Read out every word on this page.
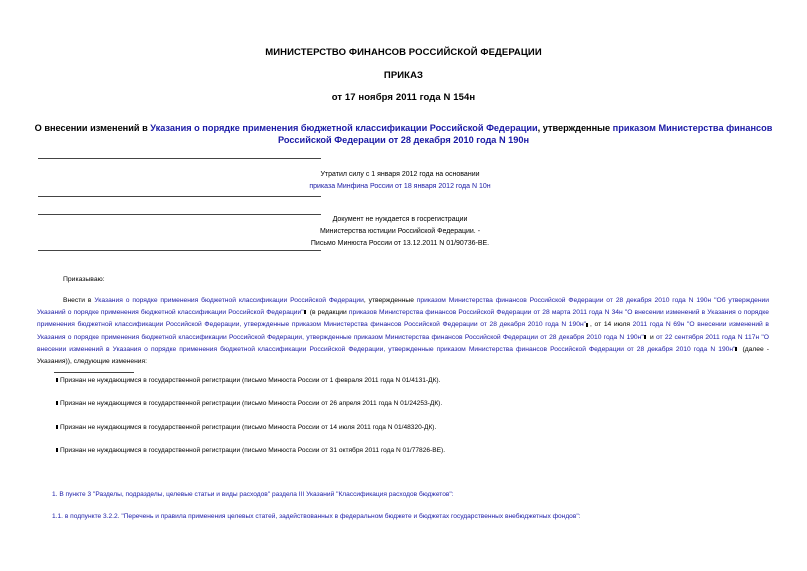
МИНИСТЕРСТВО ФИНАНСОВ РОССИЙСКОЙ ФЕДЕРАЦИИ
ПРИКАЗ
от 17 ноября 2011 года N 154н
О внесении изменений в Указания о порядке применения бюджетной классификации Российской Федерации, утвержденные приказом Министерства финансов
Российской Федерации от 28 декабря 2010 года N 190н
Утратил силу с 1 января 2012 года на основании
приказа Минфина России от 18 января 2012 года N 10н
Документ не нуждается в госрегистрации
Министерства юстиции Российской Федерации. -
Письмо Минюста России от 13.12.2011 N 01/90736-ВЕ.
Приказываю:
Внести в Указания о порядке применения бюджетной классификации Российской Федерации, утвержденные приказом Министерства финансов Российской Федерации от 28 декабря 2010 года N 190н "Об утверждении Указаний о порядке применения бюджетной классификации Российской Федерации" (в редакции приказов Министерства финансов Российской Федерации от 28 марта 2011 года N 34н "О внесении изменений в Указания о порядке применения бюджетной классификации Российской Федерации, утвержденные приказом Министерства финансов Российской Федерации от 28 декабря 2010 года N 190н" , от 14 июля 2011 года N 69н "О внесении изменений в Указания о порядке применения бюджетной классификации Российской Федерации, утвержденные приказом Министерства финансов Российской Федерации от 28 декабря 2010 года N 190н" и от 22 сентября 2011 года N 117н "О внесении изменений в Указания о порядке применения бюджетной классификации Российской Федерации, утвержденные приказом Министерства финансов Российской Федерации от 28 декабря 2010 года N 190н" (далее - Указания)), следующие изменения:
Признан не нуждающимся в государственной регистрации (письмо Минюста России от 1 февраля 2011 года N 01/4131-ДК).
Признан не нуждающимся в государственной регистрации (письмо Минюста России от 26 апреля 2011 года N 01/24253-ДК).
Признан не нуждающимся в государственной регистрации (письмо Минюста России от 14 июля 2011 года N 01/48320-ДК).
Признан не нуждающимся в государственной регистрации (письмо Минюста России от 31 октября 2011 года N 01/77826-ВЕ).
1. В пункте 3 "Разделы, подразделы, целевые статьи и виды расходов" раздела III Указаний "Классификация расходов бюджетов":
1.1. в подпункте 3.2.2. "Перечень и правила применения целевых статей, задействованных в федеральном бюджете и бюджетах государственных внебюджетных фондов":
